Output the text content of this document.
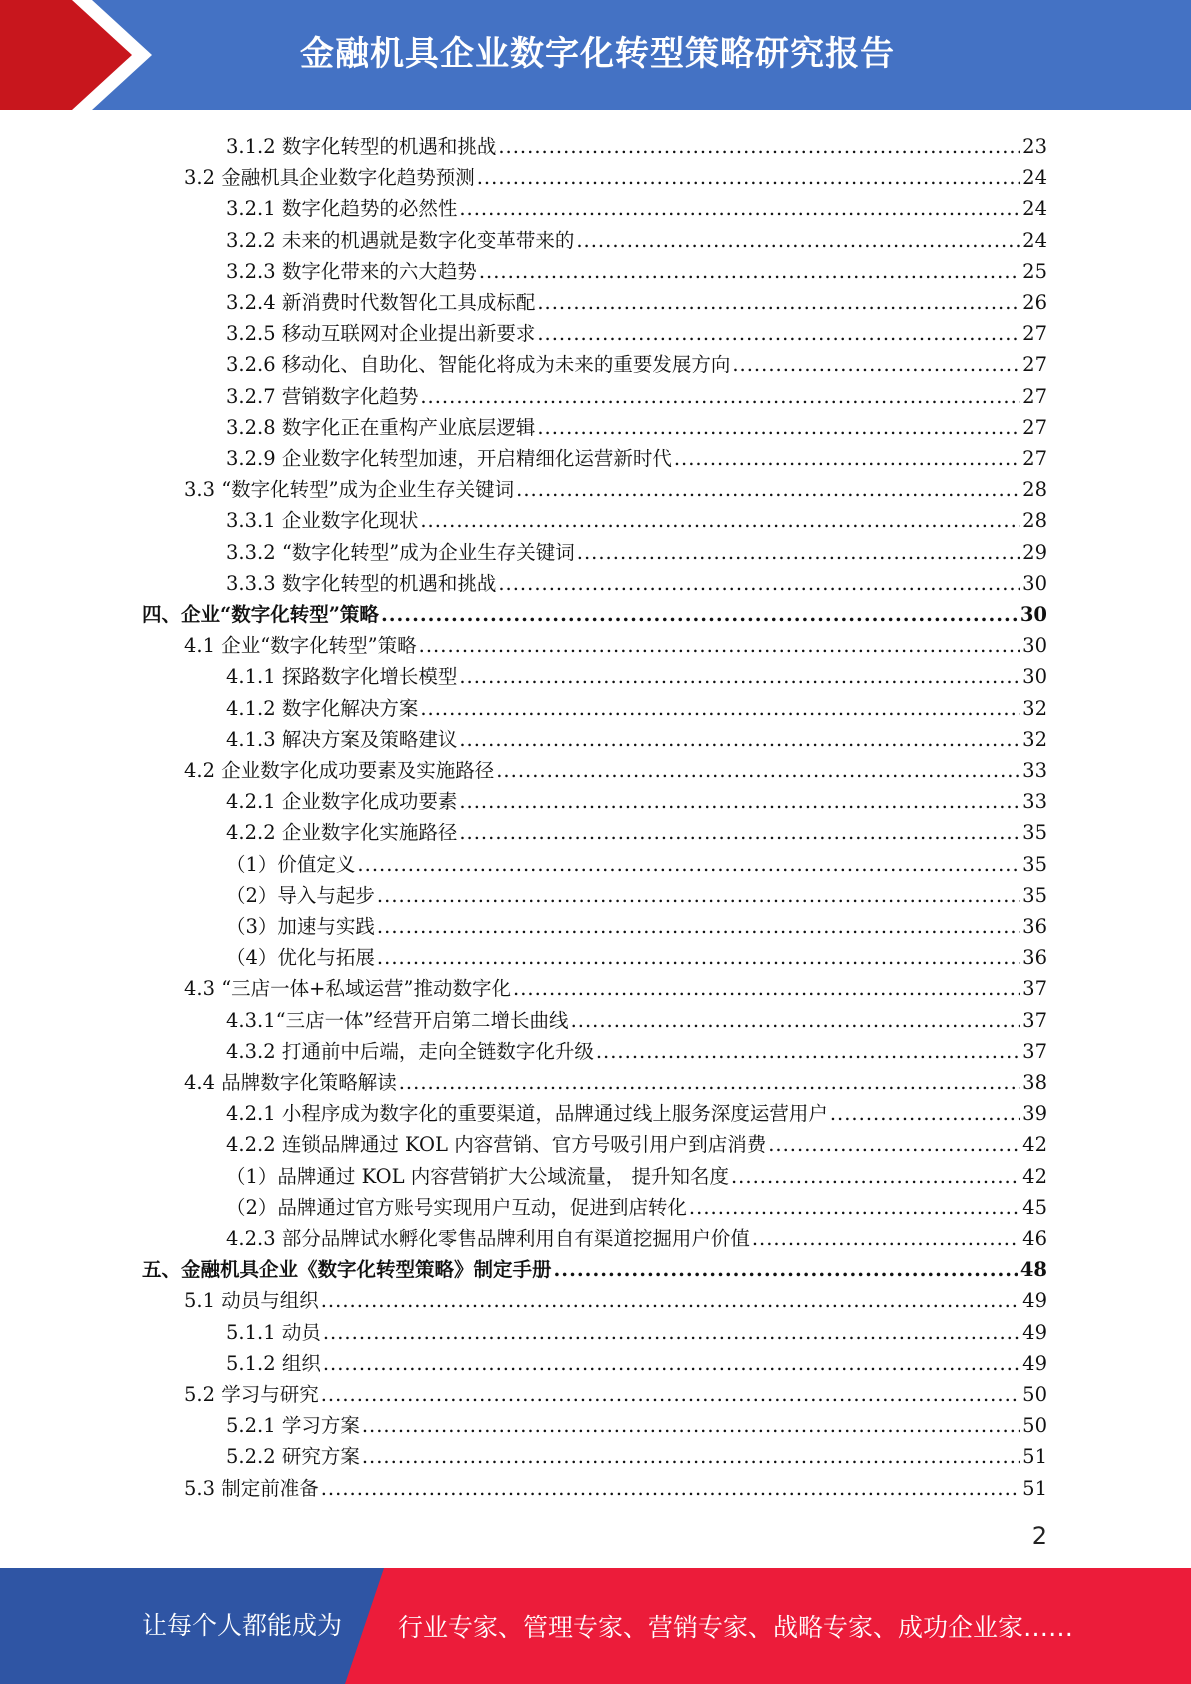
金融机具企业数字化转型策略研究报告
3.1.2 数字化转型的机遇和挑战 .....	23
3.2 金融机具企业数字化趋势预测 .....	24
3.2.1 数字化趋势的必然性 .....	24
3.2.2 未来的机遇就是数字化变革带来的 .....	24
3.2.3 数字化带来的六大趋势 .....	25
3.2.4 新消费时代数智化工具成标配 .....	26
3.2.5 移动互联网对企业提出新要求 .....	27
3.2.6 移动化、自助化、智能化将成为未来的重要发展方向 .....	27
3.2.7 营销数字化趋势 .....	27
3.2.8 数字化正在重构产业底层逻辑 .....	27
3.2.9 企业数字化转型加速，开启精细化运营新时代 .....	27
3.3 “数字化转型”成为企业生存关键词 .....	28
3.3.1 企业数字化现状 .....	28
3.3.2 “数字化转型”成为企业生存关键词 .....	29
3.3.3 数字化转型的机遇和挑战 .....	30
四、企业“数字化转型”策略 .....	30
4.1 企业“数字化转型”策略 .....	30
4.1.1 探路数字化增长模型 .....	30
4.1.2 数字化解决方案 .....	32
4.1.3 解决方案及策略建议 .....	32
4.2 企业数字化成功要素及实施路径 .....	33
4.2.1 企业数字化成功要素 .....	33
4.2.2 企业数字化实施路径 .....	35
（1）价值定义 .....	35
（2）导入与起步 .....	35
（3）加速与实践 .....	36
（4）优化与拓展 .....	36
4.3 “三店一体+私域运营”推动数字化 .....	37
4.3.1“三店一体”经营开启第二增长曲线 .....	37
4.3.2 打通前中后端，走向全链数字化升级 .....	37
4.4 品牌数字化策略解读 .....	38
4.2.1 小程序成为数字化的重要渠道，品牌通过线上服务深度运营用户 .....	39
4.2.2 连锁品牌通过 KOL 内容营销、官方号吸引用户到店消费 .....	42
（1）品牌通过 KOL 内容营销扩大公域流量， 提升知名度 .....	42
（2）品牌通过官方账号实现用户互动，促进到店转化 .....	45
4.2.3 部分品牌试水孵化零售品牌利用自有渠道挖掘用户价值 .....	46
五、金融机具企业《数字化转型策略》制定手册 .....	48
5.1 动员与组织 .....	49
5.1.1 动员 .....	49
5.1.2 组织 .....	49
5.2 学习与研究 .....	50
5.2.1 学习方案 .....	50
5.2.2 研究方案 .....	51
5.3 制定前准备 .....	51
2
让每个人都能成为 行业专家、管理专家、营销专家、战略专家、成功企业家……
